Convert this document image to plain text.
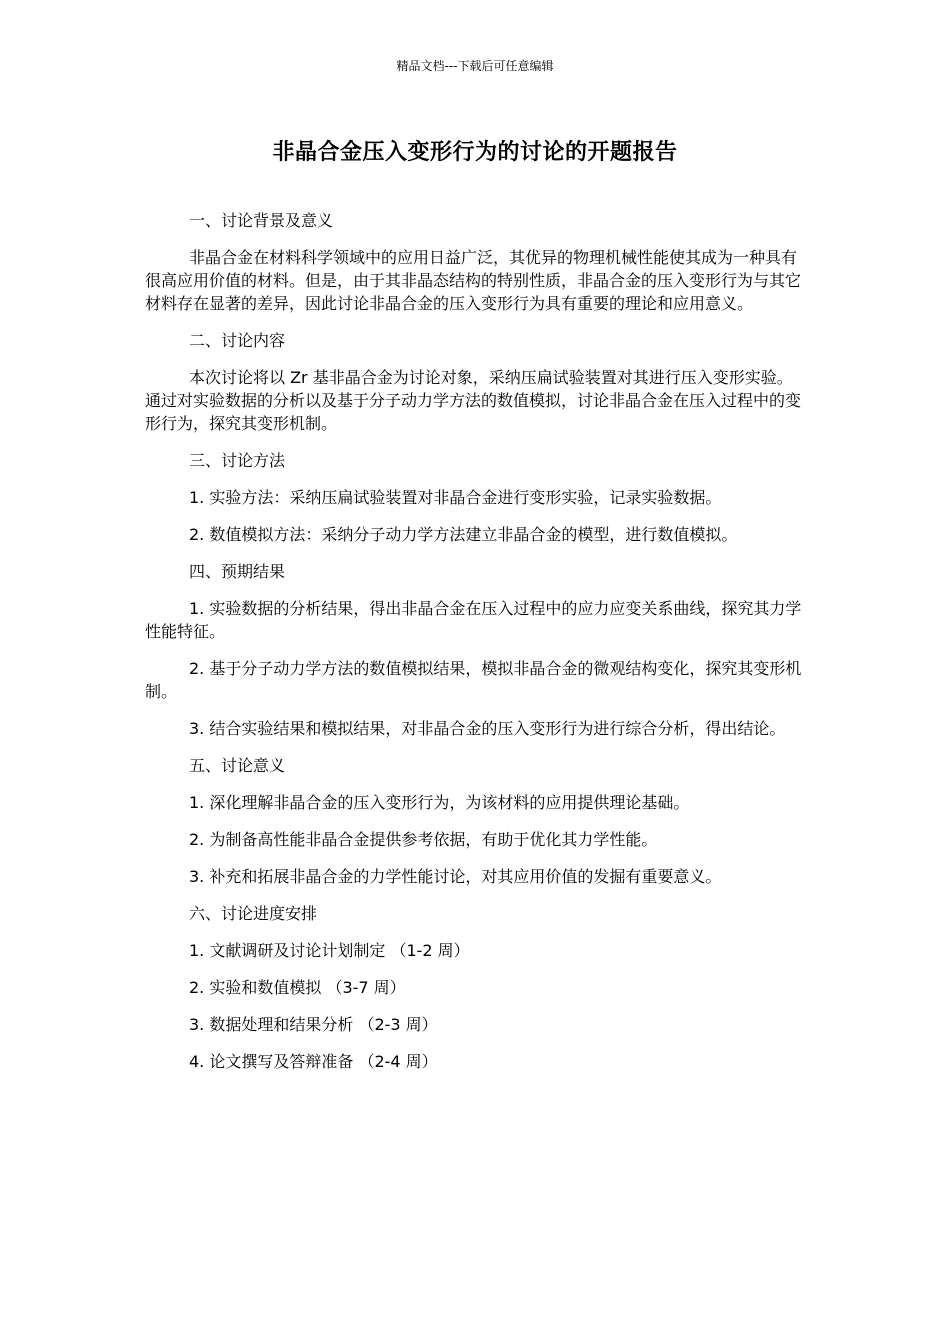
精品文档---下载后可任意编辑
非晶合金压入变形行为的讨论的开题报告

一、讨论背景及意义

非晶合金在材料科学领域中的应用日益广泛，其优异的物理机械性能使其成为一种具有很高应用价值的材料。但是，由于其非晶态结构的特别性质，非晶合金的压入变形行为与其它材料存在显著的差异，因此讨论非晶合金的压入变形行为具有重要的理论和应用意义。

二、讨论内容

本次讨论将以 Zr 基非晶合金为讨论对象，采纳压扁试验装置对其进行压入变形实验。通过对实验数据的分析以及基于分子动力学方法的数值模拟，讨论非晶合金在压入过程中的变形行为，探究其变形机制。

三、讨论方法

1. 实验方法：采纳压扁试验装置对非晶合金进行变形实验，记录实验数据。

2. 数值模拟方法：采纳分子动力学方法建立非晶合金的模型，进行数值模拟。

四、预期结果

1. 实验数据的分析结果，得出非晶合金在压入过程中的应力应变关系曲线，探究其力学性能特征。

2. 基于分子动力学方法的数值模拟结果，模拟非晶合金的微观结构变化，探究其变形机制。

3. 结合实验结果和模拟结果，对非晶合金的压入变形行为进行综合分析，得出结论。

五、讨论意义

1. 深化理解非晶合金的压入变形行为，为该材料的应用提供理论基础。

2. 为制备高性能非晶合金提供参考依据，有助于优化其力学性能。

3. 补充和拓展非晶合金的力学性能讨论，对其应用价值的发掘有重要意义。

六、讨论进度安排

1. 文献调研及讨论计划制定 （1-2 周）

2. 实验和数值模拟 （3-7 周）

3. 数据处理和结果分析 （2-3 周）

4. 论文撰写及答辩准备 （2-4 周）
